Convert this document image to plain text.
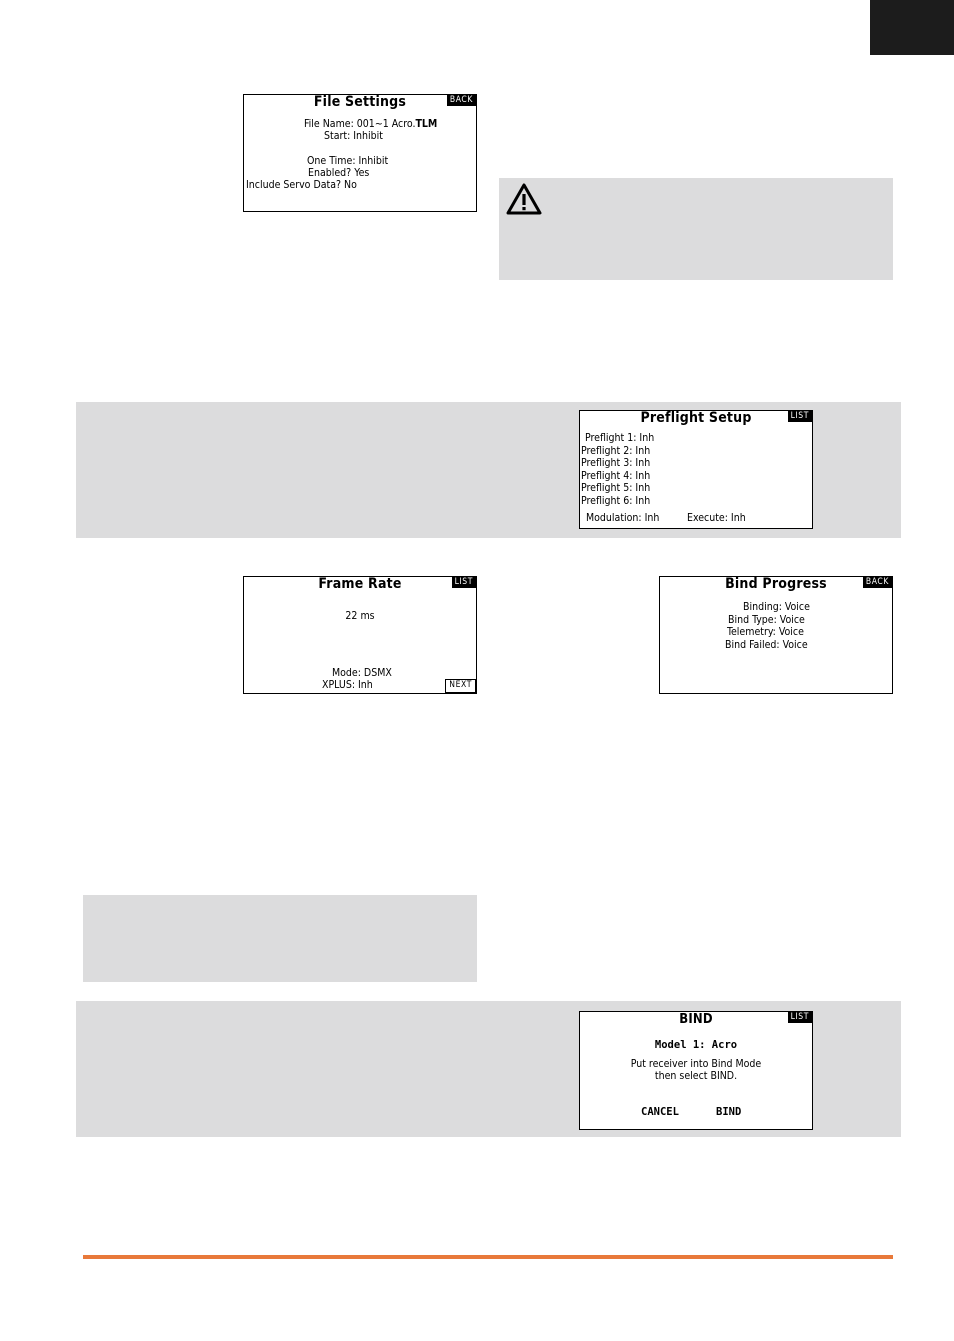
File Settings	BACK
File Name: 001~1 Acro.TLM
Start: Inhibit
One Time: Inhibit
Enabled? Yes
Include Servo Data? No
Preflight Setup	LIST
Preflight 1: Inh
Preflight 2: Inh
Preflight 3: Inh
Preflight 4: Inh
Preflight 5: Inh
Preflight 6: Inh
Modulation: Inh	Execute: Inh
Frame Rate	LIST
22 ms
Mode: DSMX
XPLUS: Inh	NEXT
Bind Progress	BACK
Binding: Voice
Bind Type: Voice
Telemetry: Voice
Bind Failed: Voice
BIND	LIST
Model 1: Acro
Put receiver into Bind Mode
then select BIND.
CANCEL	BIND
